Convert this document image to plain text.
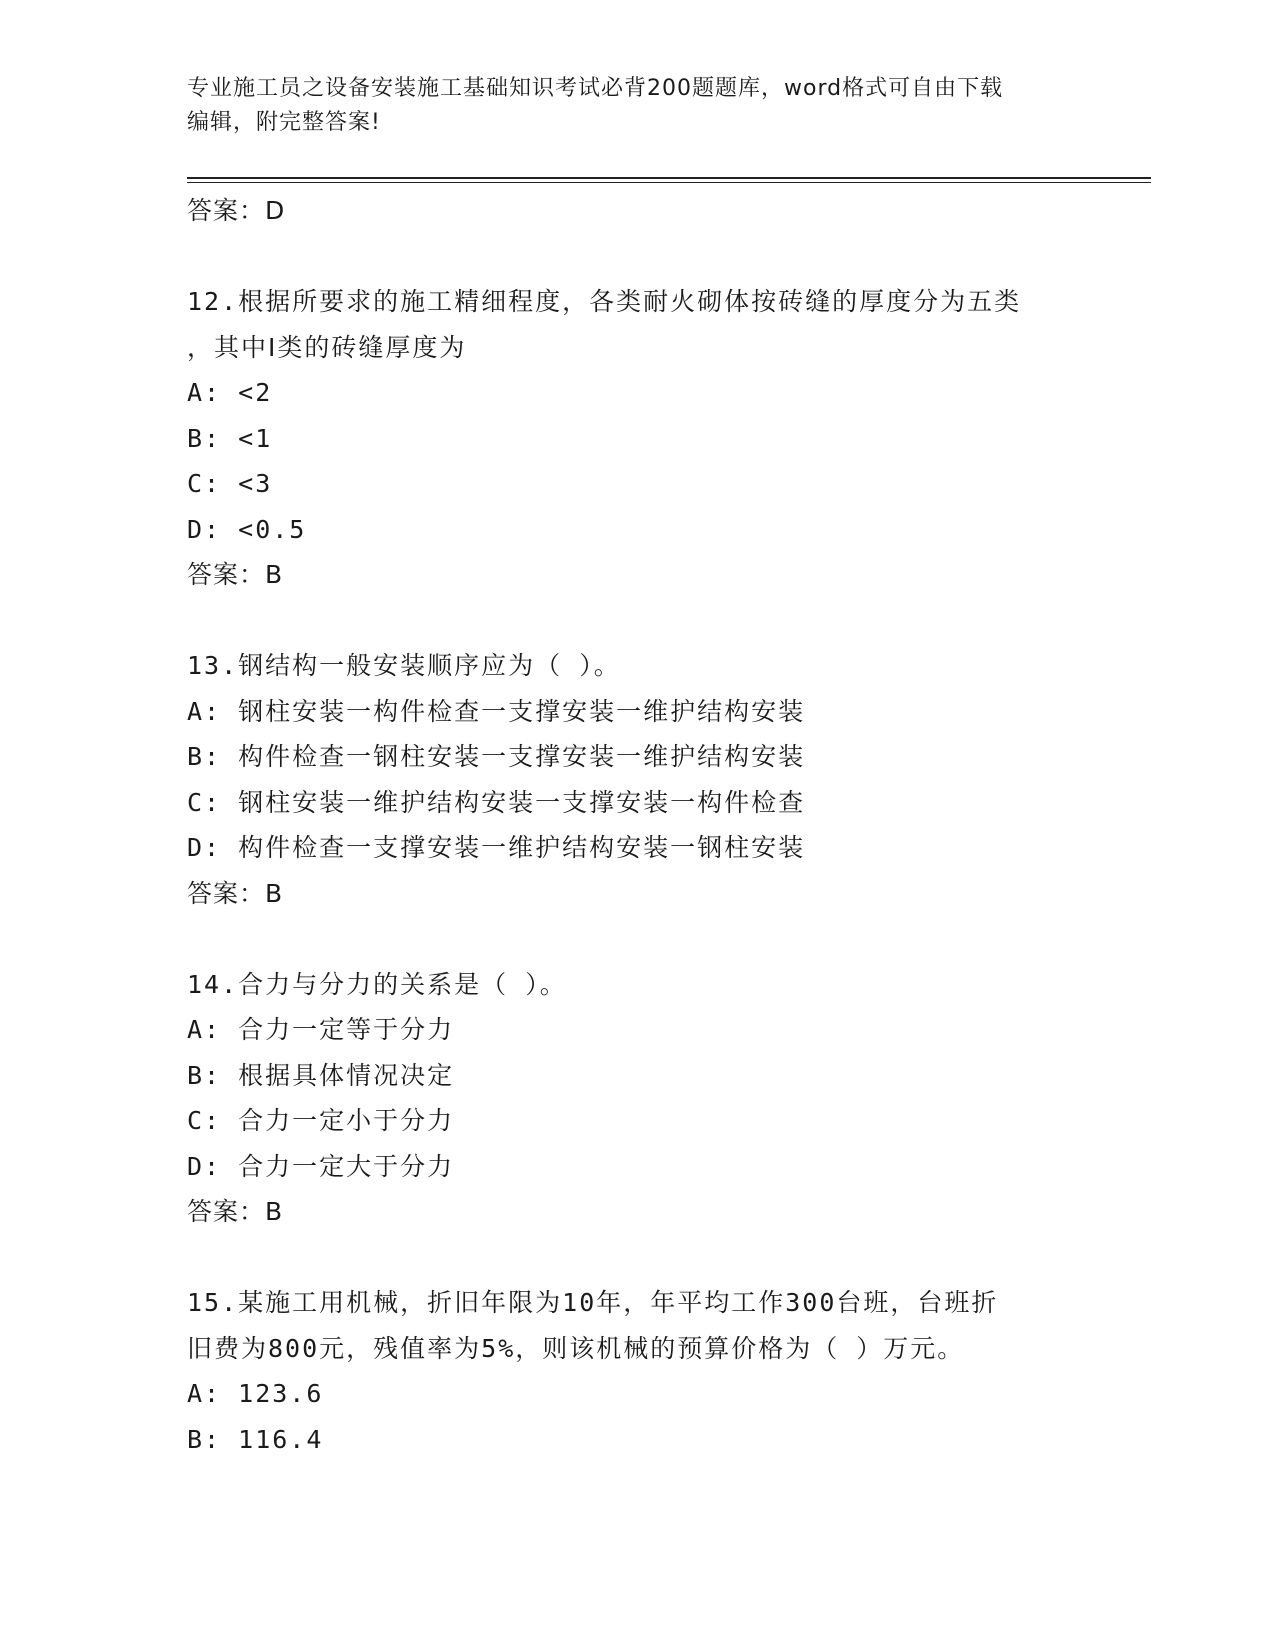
专业施工员之设备安装施工基础知识考试必背200题题库，word格式可自由下载
编辑，附完整答案!
答案：D
12.根据所要求的施工精细程度，各类耐火砌体按砖缝的厚度分为五类
，其中Ⅰ类的砖缝厚度为
A: <2
B: <1
C: <3
D: <0.5
答案：B
13.钢结构一般安装顺序应为（ ）。
A: 钢柱安装一构件检查一支撑安装一维护结构安装
B: 构件检查一钢柱安装一支撑安装一维护结构安装
C: 钢柱安装一维护结构安装一支撑安装一构件检查
D: 构件检查一支撑安装一维护结构安装一钢柱安装
答案：B
14.合力与分力的关系是（ ）。
A: 合力一定等于分力
B: 根据具体情况决定
C: 合力一定小于分力
D: 合力一定大于分力
答案：B
15.某施工用机械，折旧年限为10年，年平均工作300台班，台班折
旧费为800元，残值率为5%，则该机械的预算价格为（ ）万元。
A: 123.6
B: 116.4
